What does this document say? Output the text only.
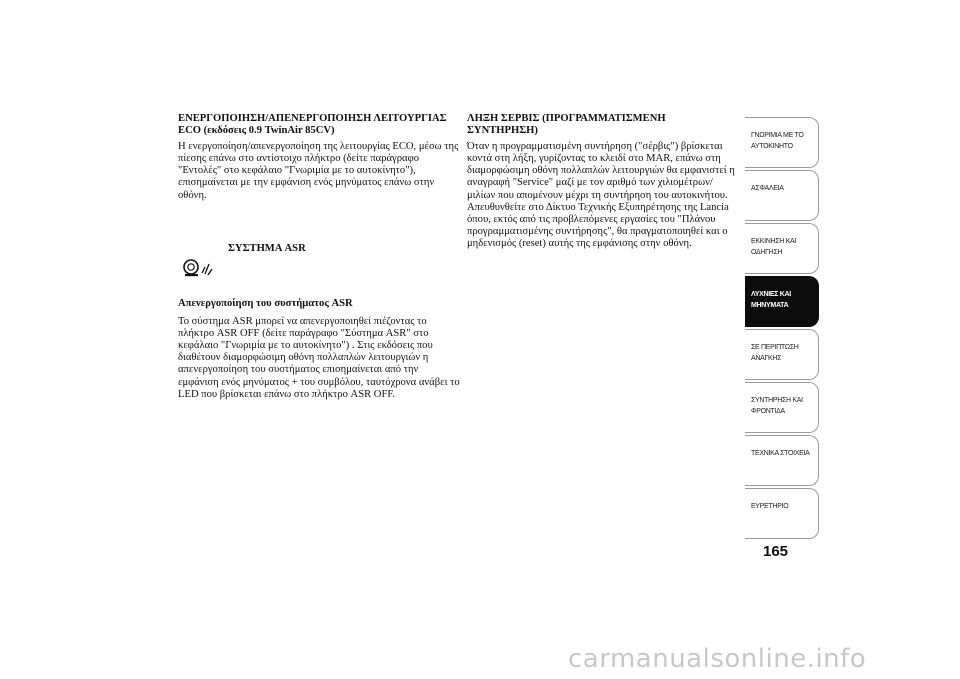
ΕΝΕΡΓΟΠΟΙΗΣΗ/ΑΠΕΝΕΡΓΟΠΟΙΗΣΗ ΛΕΙΤΟΥΡΓΙΑΣ ECO (εκδόσεις 0.9 TwinAir 85CV)

Η ενεργοποίηση/απενεργοποίηση της λειτουργίας ECO, μέσω της πίεσης επάνω στο αντίστοιχο πλήκτρο (δείτε παράγραφο "Εντολές" στο κεφάλαιο "Γνωριμία με το αυτοκίνητο"), επισημαίνεται με την εμφάνιση ενός μηνύματος επάνω στην οθόνη.

ΣΥΣΤΗΜΑ ASR
Απενεργοποίηση του συστήματος ASR

Το σύστημα ASR μπορεί να απενεργοποιηθεί πιέζοντας το πλήκτρο ASR OFF (δείτε παράγραφο "Σύστημα ASR" στο κεφάλαιο "Γνωριμία με το αυτοκίνητο") . Στις εκδόσεις που διαθέτουν διαμορφώσιμη οθόνη πολλαπλών λειτουργιών η απενεργοποίηση του συστήματος επισημαίνεται από την εμφάνιση ενός μηνύματος + του συμβόλου, ταυτόχρονα ανάβει το LED που βρίσκεται επάνω στο πλήκτρο ASR OFF.

ΛΗΞΗ ΣΕΡΒΙΣ (ΠΡΟΓΡΑΜΜΑΤΙΣΜΕΝΗ ΣΥΝΤΗΡΗΣΗ)

Όταν η προγραμματισμένη συντήρηση ("σέρβις") βρίσκεται κοντά στη λήξη, γυρίζοντας το κλειδί στο MAR, επάνω στη διαμορφώσιμη οθόνη πολλαπλών λειτουργιών θα εμφανιστεί η αναγραφή "Service" μαζί με τον αριθμό των χιλιομέτρων/μιλίων που απομένουν μέχρι τη συντήρηση του αυτοκινήτου. Απευθυνθείτε στο Δίκτυο Τεχνικής Εξυπηρέτησης της Lancia όπου, εκτός από τις προβλεπόμενες εργασίες του "Πλάνου προγραμματισμένης συντήρησης", θα πραγματοποιηθεί και ο μηδενισμός (reset) αυτής της εμφάνισης στην οθόνη.

ΓΝΩΡΙΜΙΑ ΜΕ ΤΟ
ΑΥΤΟΚΙΝΗΤΟ
ΑΣΦΑΛΕΙΑ
ΕΚΚΙΝΗΣΗ ΚΑΙ
ΟΔΗΓΗΣΗ
ΛΥΧΝΙΕΣ ΚΑΙ
ΜΗΝΥΜΑΤΑ
ΣΕ ΠΕΡΙΠΤΩΣΗ
ΑΝΑΓΚΗΣ
ΣΥΝΤΗΡΗΣΗ ΚΑΙ
ΦΡΟΝΤΙΔΑ
ΤΕΧΝΙΚΑ ΣΤΟΙΧΕΙΑ
ΕΥΡΕΤΗΡΙΟ
165
carmanualsonline.info
